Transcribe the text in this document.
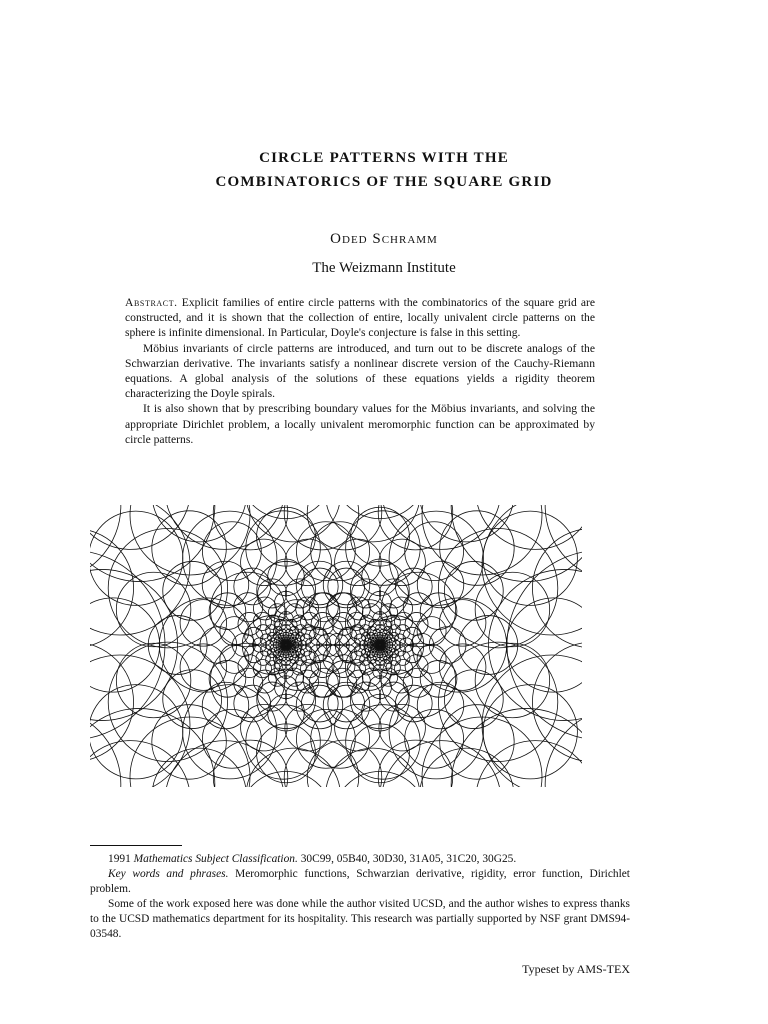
CIRCLE PATTERNS WITH THE
COMBINATORICS OF THE SQUARE GRID
Oded Schramm
The Weizmann Institute

Abstract. Explicit families of entire circle patterns with the combinatorics of the square grid are constructed, and it is shown that the collection of entire, locally univalent circle patterns on the sphere is infinite dimensional. In Particular, Doyle's conjecture is false in this setting.

Möbius invariants of circle patterns are introduced, and turn out to be discrete analogs of the Schwarzian derivative. The invariants satisfy a nonlinear discrete version of the Cauchy-Riemann equations. A global analysis of the solutions of these equations yields a rigidity theorem characterizing the Doyle spirals.

It is also shown that by prescribing boundary values for the Möbius invariants, and solving the appropriate Dirichlet problem, a locally univalent meromorphic function can be approximated by circle patterns.

1991 Mathematics Subject Classification. 30C99, 05B40, 30D30, 31A05, 31C20, 30G25.

Key words and phrases. Meromorphic functions, Schwarzian derivative, rigidity, error function, Dirichlet problem.

Some of the work exposed here was done while the author visited UCSD, and the author wishes to express thanks to the UCSD mathematics department for its hospitality. This research was partially supported by NSF grant DMS94-03548.

Typeset by AMS-TEX
